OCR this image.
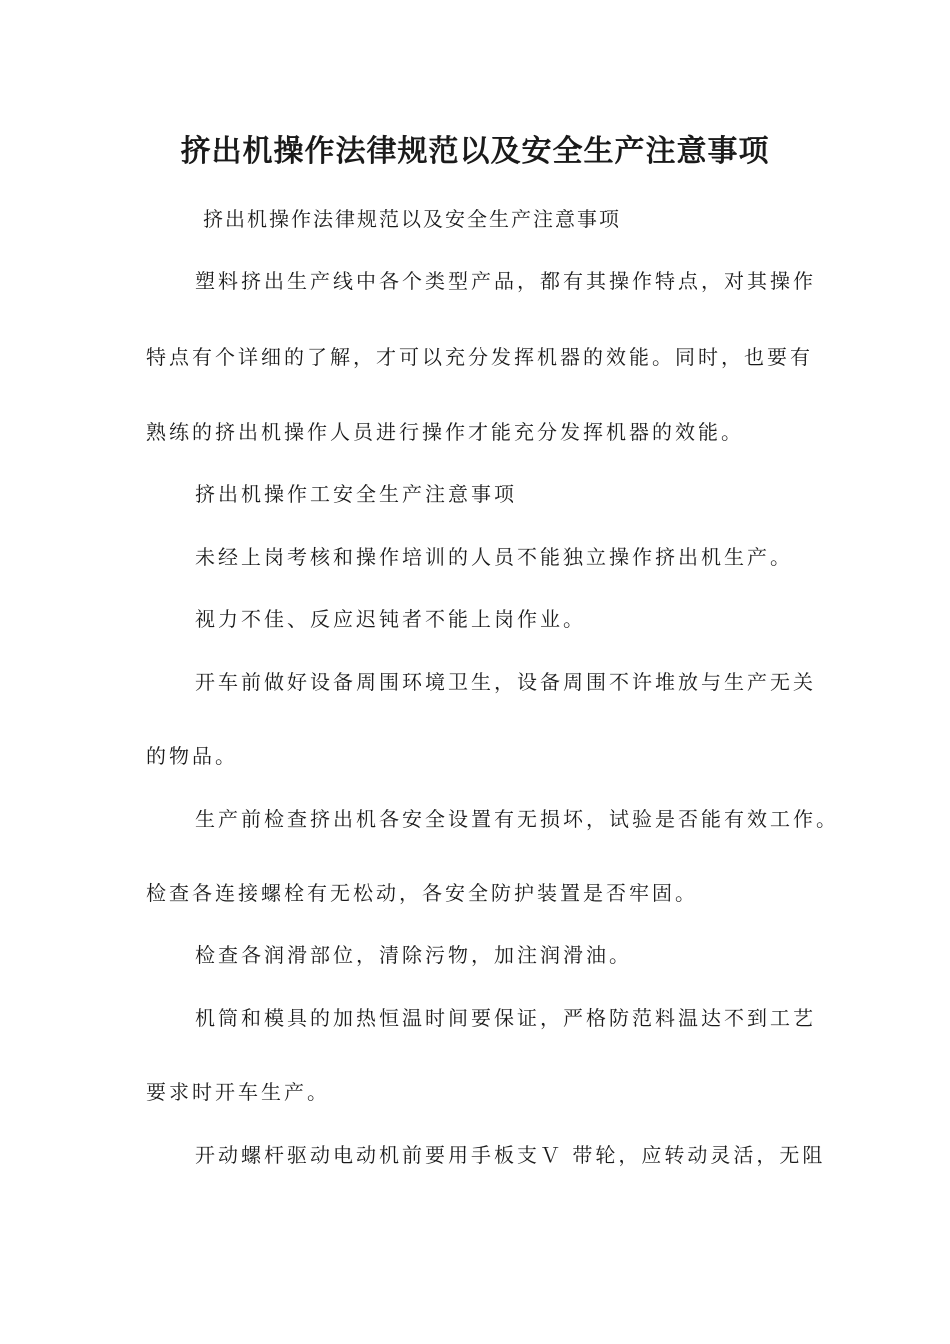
挤出机操作法律规范以及安全生产注意事项
挤出机操作法律规范以及安全生产注意事项
塑料挤出生产线中各个类型产品，都有其操作特点，对其操作
特点有个详细的了解，才可以充分发挥机器的效能。同时，也要有
熟练的挤出机操作人员进行操作才能充分发挥机器的效能。
挤出机操作工安全生产注意事项
未经上岗考核和操作培训的人员不能独立操作挤出机生产。
视力不佳、反应迟钝者不能上岗作业。
开车前做好设备周围环境卫生，设备周围不许堆放与生产无关
的物品。
生产前检查挤出机各安全设置有无损坏，试验是否能有效工作。
检查各连接螺栓有无松动，各安全防护装置是否牢固。
检查各润滑部位，清除污物，加注润滑油。
机筒和模具的加热恒温时间要保证，严格防范料温达不到工艺
要求时开车生产。
开动螺杆驱动电动机前要用手板支Ｖ 带轮，应转动灵活，无阻
